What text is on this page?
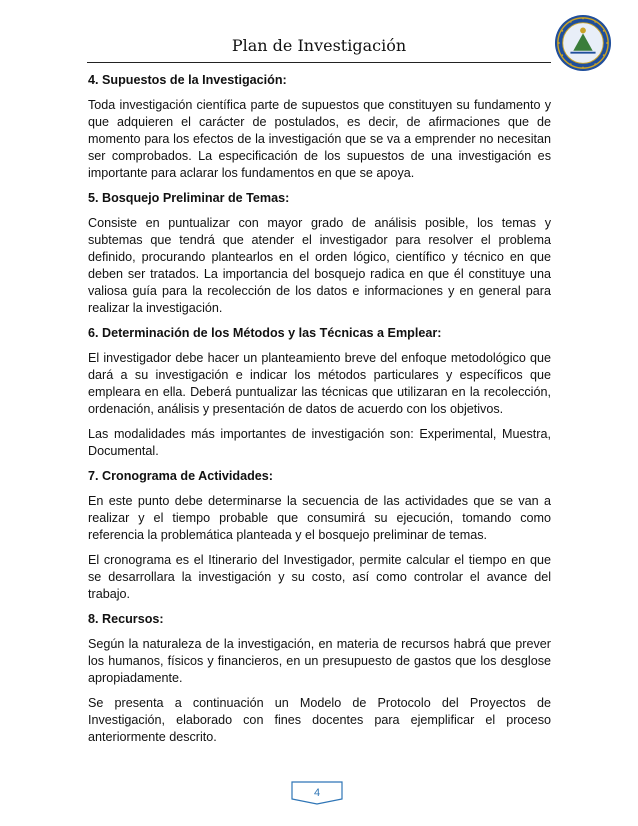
Plan de Investigación
4. Supuestos de la Investigación:

Toda investigación científica parte de supuestos que constituyen su fundamento y que adquieren el carácter de postulados, es decir, de afirmaciones que de momento para los efectos de la investigación que se va a emprender no necesitan ser comprobados. La especificación de los supuestos de una investigación es importante para aclarar los fundamentos en que se apoya.

5. Bosquejo Preliminar de Temas:

Consiste en puntualizar con mayor grado de análisis posible, los temas y subtemas que tendrá que atender el investigador para resolver el problema definido, procurando plantearlos en el orden lógico, científico y técnico en que deben ser tratados. La importancia del bosquejo radica en que él constituye una valiosa guía para la recolección de los datos e informaciones y en general para realizar la investigación.

6. Determinación de los Métodos y las Técnicas a Emplear:

El investigador debe hacer un planteamiento breve del enfoque metodológico que dará a su investigación e indicar los métodos particulares y específicos que empleara en ella. Deberá puntualizar las técnicas que utilizaran en la recolección, ordenación, análisis y presentación de datos de acuerdo con los objetivos.

Las modalidades más importantes de investigación son: Experimental, Muestra, Documental.

7. Cronograma de Actividades:

En este punto debe determinarse la secuencia de las actividades que se van a realizar y el tiempo probable que consumirá su ejecución, tomando como referencia la problemática planteada y el bosquejo preliminar de temas.

El cronograma es el Itinerario del Investigador, permite calcular el tiempo en que se desarrollara la investigación y su costo, así como controlar el avance del trabajo.

8. Recursos:

Según la naturaleza de la investigación, en materia de recursos habrá que prever los humanos, físicos y financieros, en un presupuesto de gastos que los desglose apropiadamente.

Se presenta a continuación un Modelo de Protocolo del Proyectos de Investigación, elaborado con fines docentes para ejemplificar el proceso anteriormente descrito.

4
